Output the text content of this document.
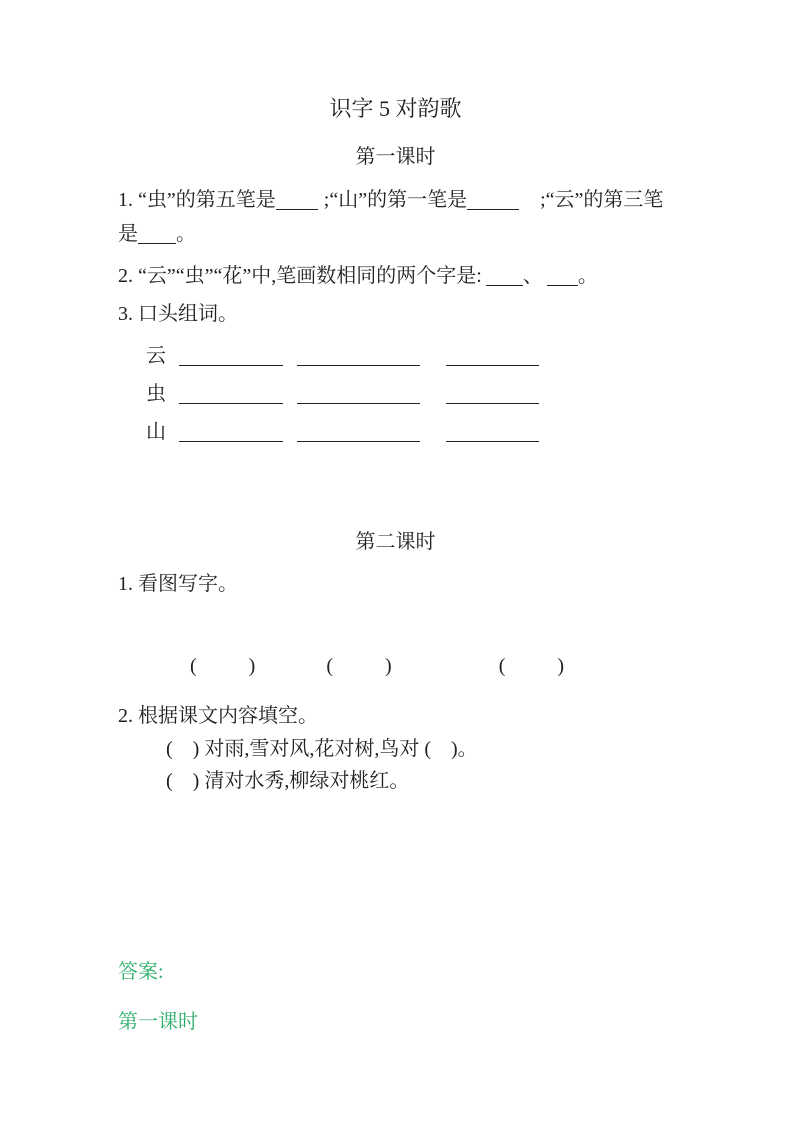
识字 5 对韵歌
第一课时

1. “虫”的第五笔是 ;“山”的第一笔是	;“云”的第三笔

是 。

2. “云”“虫”“花”中,笔画数相同的两个字是: 、 。

3. 口头组词。

云
虫
山
第二课时

1. 看图写字。

(	)	(	)	(	)

2. 根据课文内容填空。

(　) 对雨,雪对风,花对树,鸟对 (　)。

(　) 清对水秀,柳绿对桃红。

答案:

第一课时
